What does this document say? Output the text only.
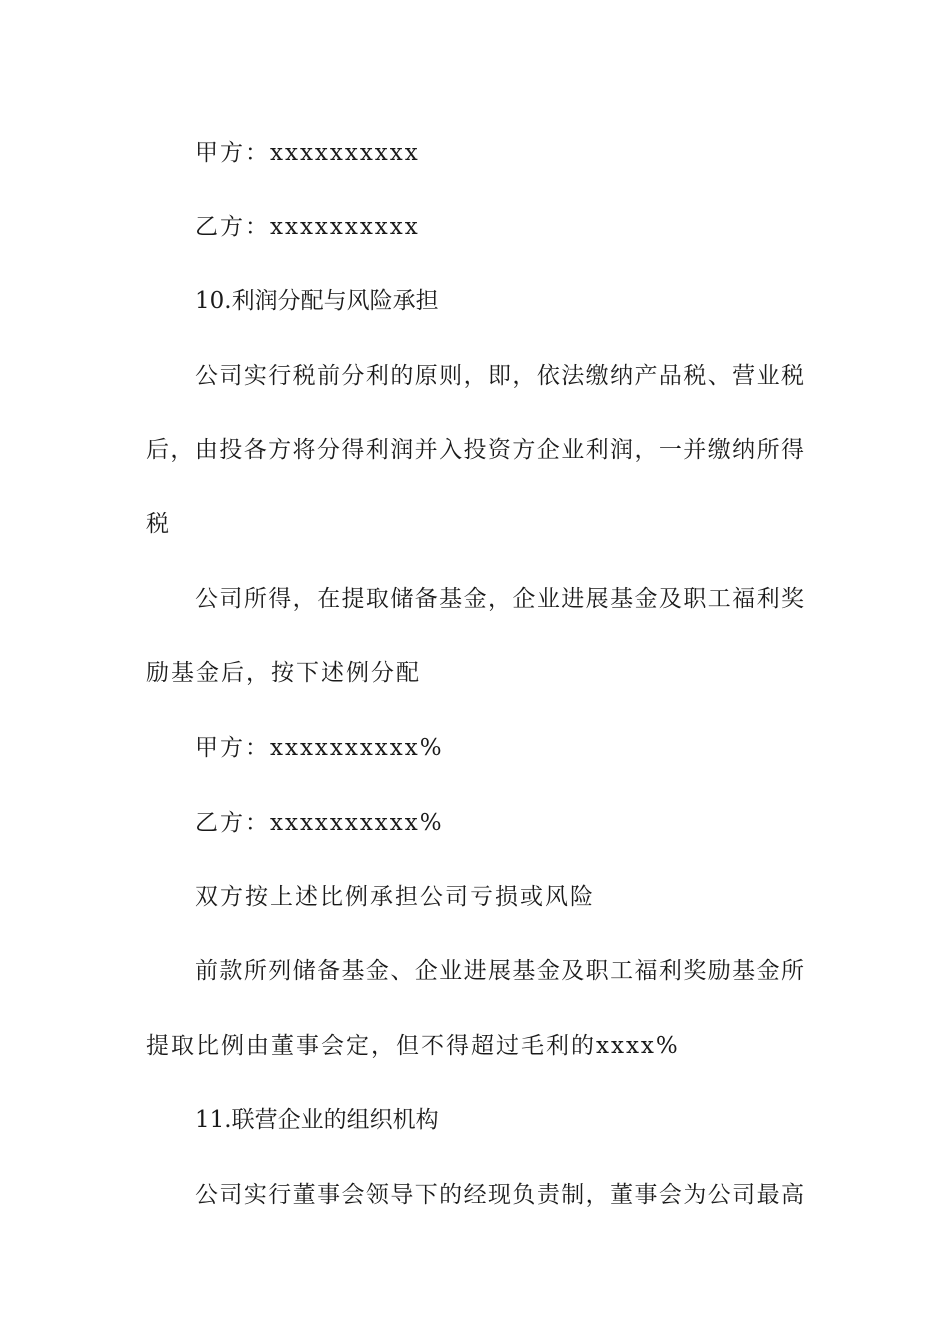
甲方：xxxxxxxxxx
乙方：xxxxxxxxxx
10.利润分配与风险承担
公司实行税前分利的原则，即，依法缴纳产品税、营业税
后，由投各方将分得利润并入投资方企业利润，一并缴纳所得
税
公司所得，在提取储备基金，企业进展基金及职工福利奖
励基金后，按下述例分配
甲方：xxxxxxxxxx%
乙方：xxxxxxxxxx%
双方按上述比例承担公司亏损或风险
前款所列储备基金、企业进展基金及职工福利奖励基金所
提取比例由董事会定，但不得超过毛利的xxxx%
11.联营企业的组织机构
公司实行董事会领导下的经现负责制，董事会为公司最高
